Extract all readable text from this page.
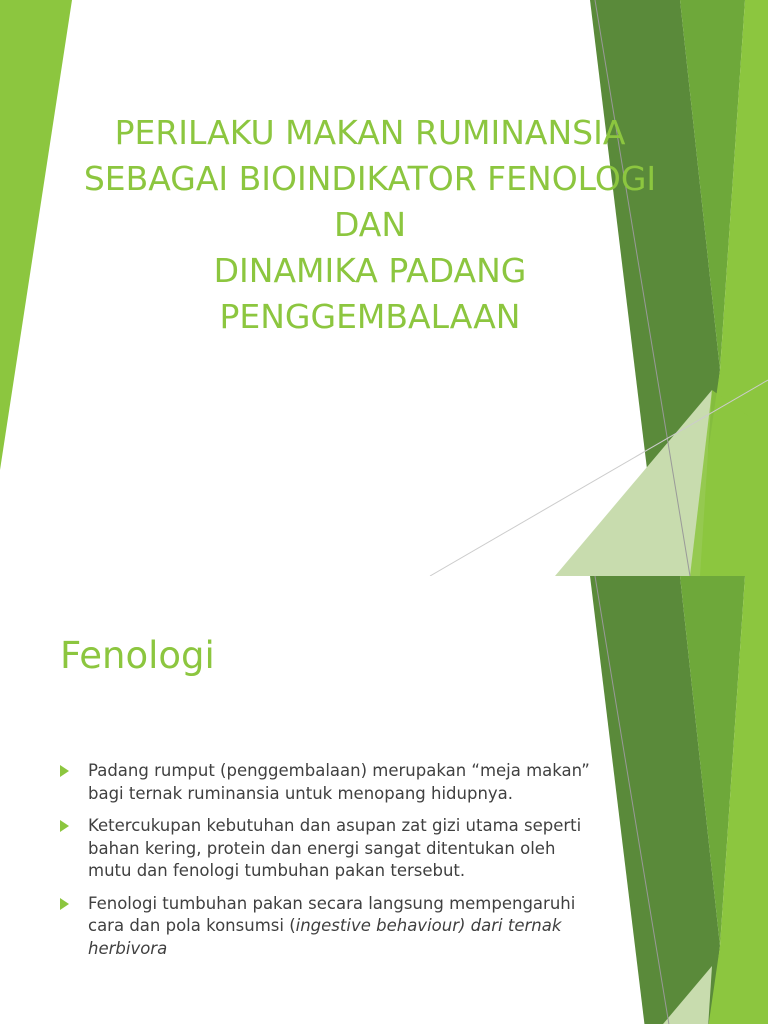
PERILAKU MAKAN RUMINANSIA
SEBAGAI BIOINDIKATOR FENOLOGI
DAN
DINAMIKA PADANG
PENGGEMBALAAN
Fenologi
Padang rumput (penggembalaan) merupakan “meja makan” bagi ternak ruminansia untuk menopang hidupnya.
Ketercukupan kebutuhan dan asupan zat gizi utama seperti bahan kering, protein dan energi sangat ditentukan oleh mutu dan fenologi tumbuhan pakan tersebut.
Fenologi tumbuhan pakan secara langsung mempengaruhi cara dan pola konsumsi (ingestive behaviour) dari ternak herbivora
